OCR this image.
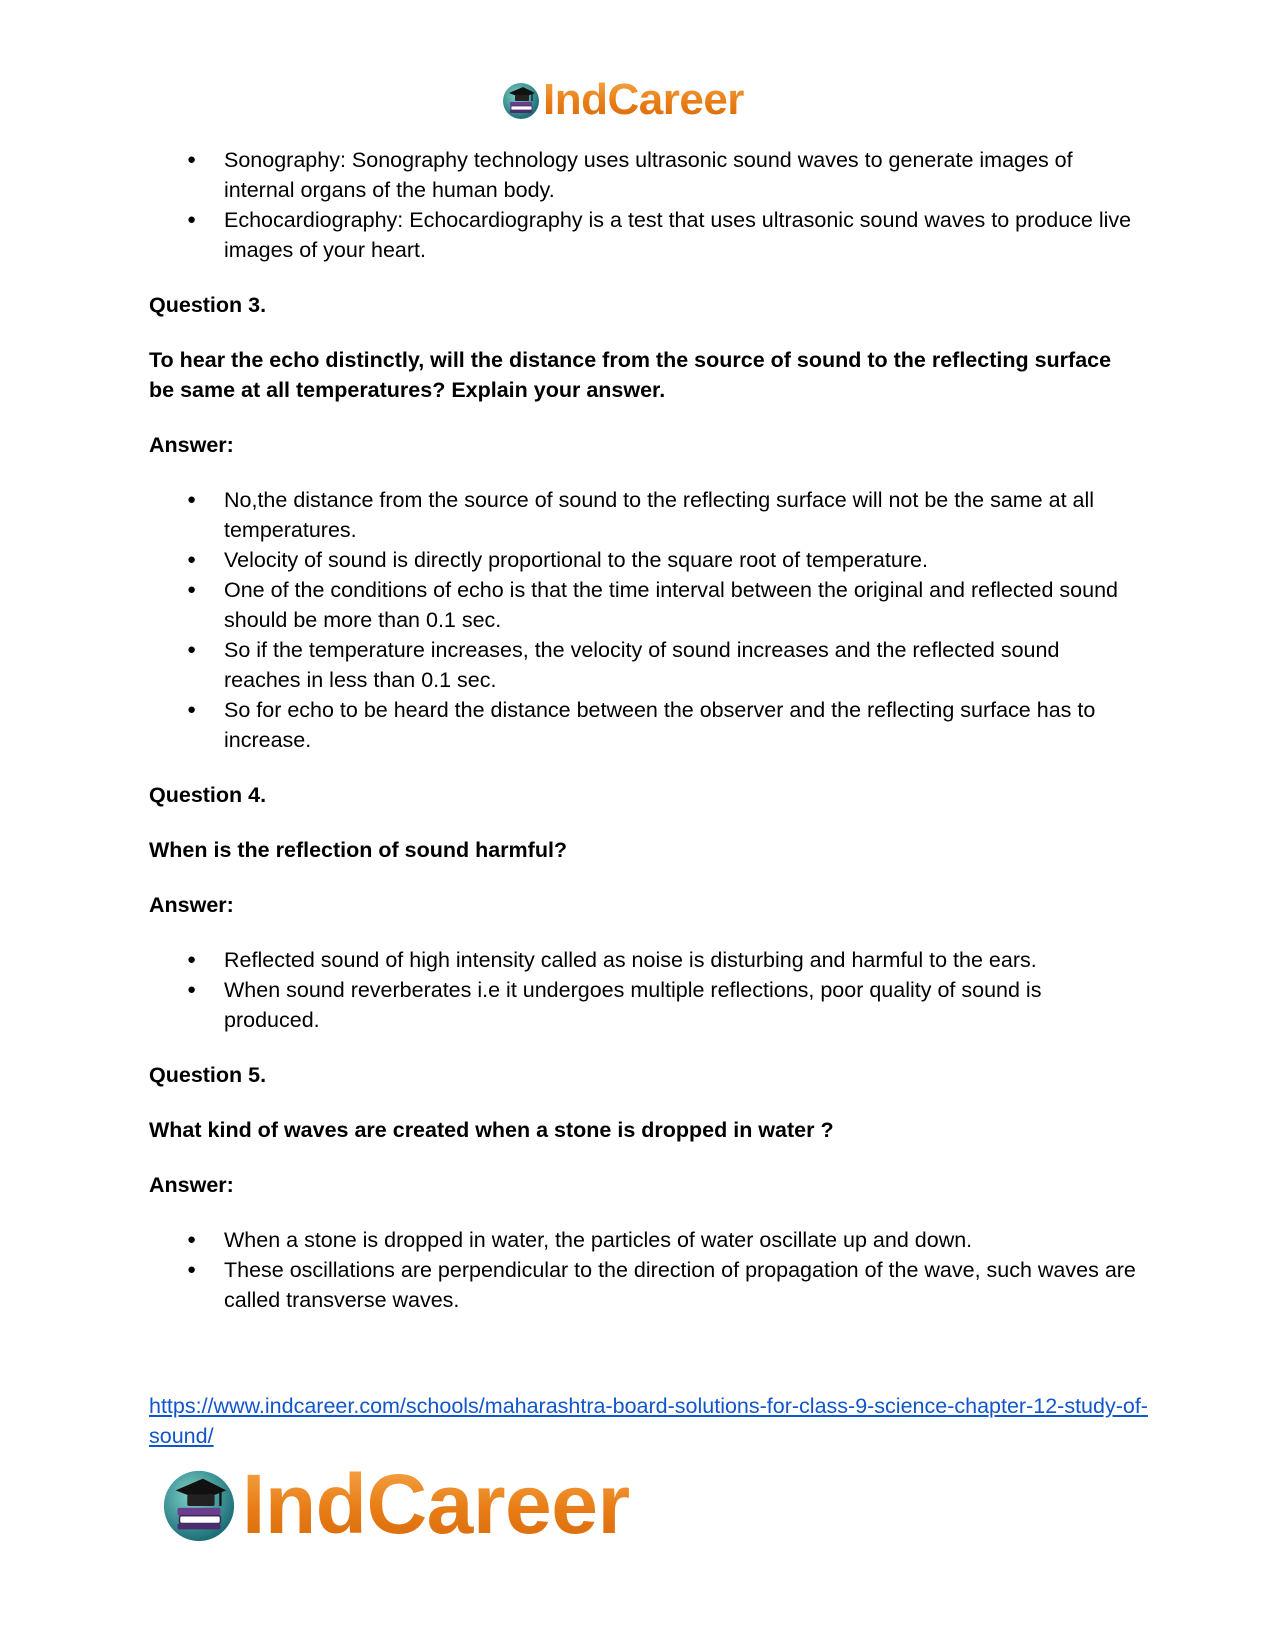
IndCareer
● Sonography: Sonography technology uses ultrasonic sound waves to generate images of internal organs of the human body.
● Echocardiography: Echocardiography is a test that uses ultrasonic sound waves to produce live images of your heart.

Question 3.

To hear the echo distinctly, will the distance from the source of sound to the reflecting surface be same at all temperatures? Explain your answer.

Answer:

● No,the distance from the source of sound to the reflecting surface will not be the same at all temperatures.
● Velocity of sound is directly proportional to the square root of temperature.
● One of the conditions of echo is that the time interval between the original and reflected sound should be more than 0.1 sec.
● So if the temperature increases, the velocity of sound increases and the reflected sound reaches in less than 0.1 sec.
● So for echo to be heard the distance between the observer and the reflecting surface has to increase.

Question 4.

When is the reflection of sound harmful?

Answer:

● Reflected sound of high intensity called as noise is disturbing and harmful to the ears.
● When sound reverberates i.e it undergoes multiple reflections, poor quality of sound is produced.

Question 5.

What kind of waves are created when a stone is dropped in water ?

Answer:

● When a stone is dropped in water, the particles of water oscillate up and down.
● These oscillations are perpendicular to the direction of propagation of the wave, such waves are called transverse waves.
https://www.indcareer.com/schools/maharashtra-board-solutions-for-class-9-science-chapter-12-study-of-sound/
IndCareer
